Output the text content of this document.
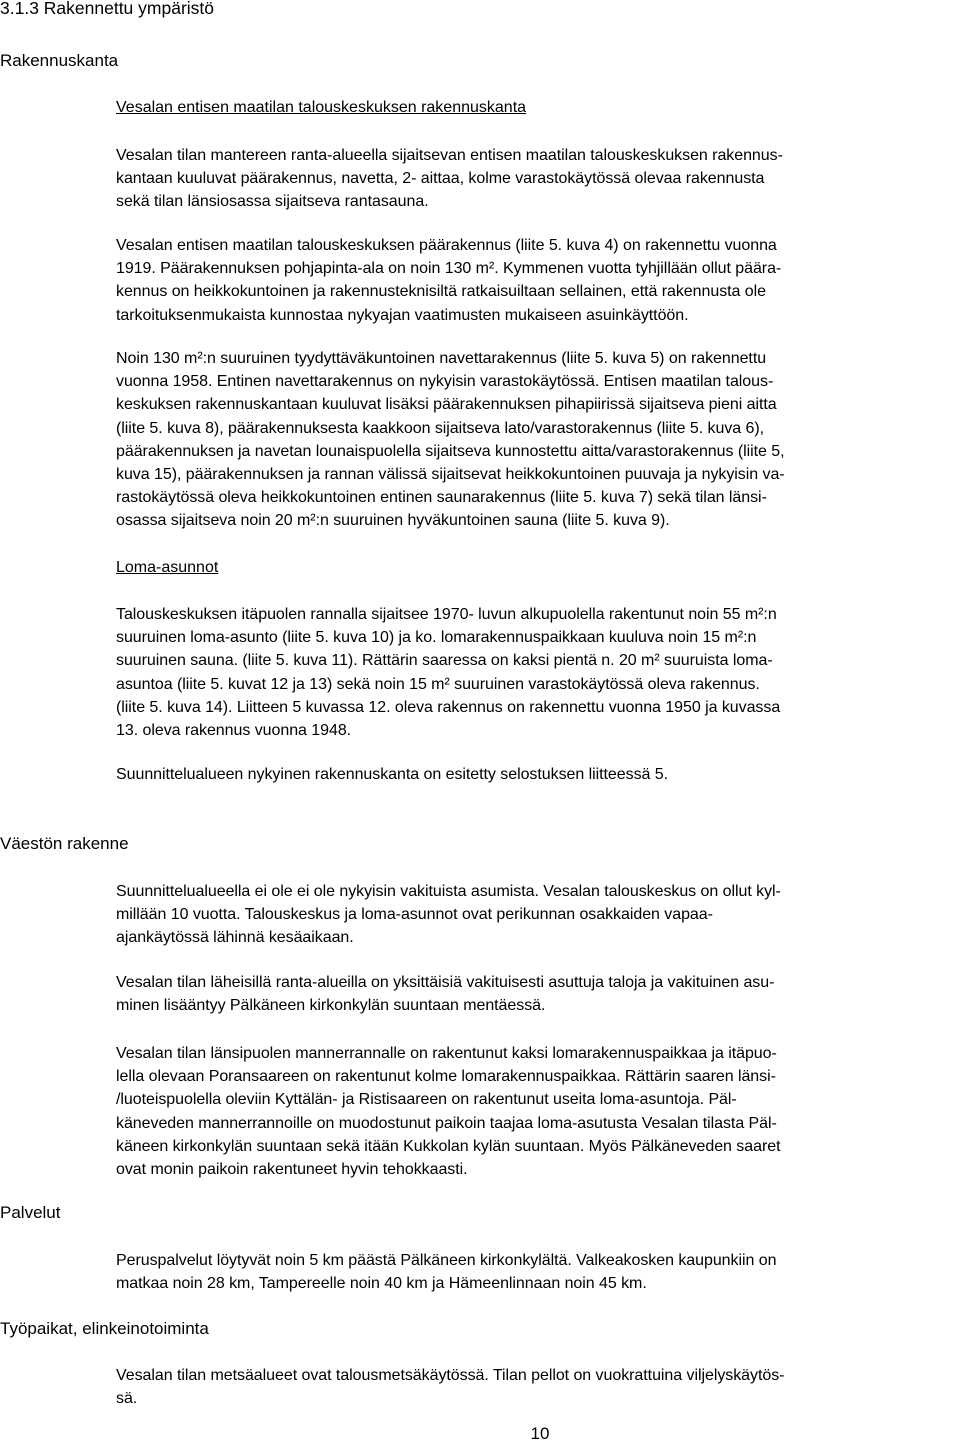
3.1.3 Rakennettu ympäristö
Rakennuskanta
Vesalan entisen maatilan talouskeskuksen rakennuskanta

Vesalan tilan mantereen ranta-alueella sijaitsevan entisen maatilan talouskeskuksen rakennus-
kantaan kuuluvat päärakennus, navetta, 2- aittaa, kolme varastokäytössä olevaa rakennusta
sekä tilan länsiosassa sijaitseva rantasauna.

Vesalan entisen maatilan talouskeskuksen päärakennus (liite 5. kuva 4) on rakennettu vuonna
1919. Päärakennuksen pohjapinta-ala on noin 130 m². Kymmenen vuotta tyhjillään ollut päära-
kennus on heikkokuntoinen ja rakennusteknisiltä ratkaisuiltaan sellainen, että rakennusta ole
tarkoituksenmukaista kunnostaa nykyajan vaatimusten mukaiseen asuinkäyttöön.

Noin 130 m²:n suuruinen tyydyttäväkuntoinen navettarakennus (liite 5. kuva 5) on rakennettu
vuonna 1958. Entinen navettarakennus on nykyisin varastokäytössä. Entisen maatilan talous-
keskuksen rakennuskantaan kuuluvat lisäksi päärakennuksen pihapiirissä sijaitseva pieni aitta
(liite 5. kuva 8), päärakennuksesta kaakkoon sijaitseva lato/varastorakennus (liite 5. kuva 6),
päärakennuksen ja navetan lounaispuolella sijaitseva kunnostettu aitta/varastorakennus (liite 5,
kuva 15), päärakennuksen ja rannan välissä sijaitsevat heikkokuntoinen puuvaja ja nykyisin va-
rastokäytössä oleva heikkokuntoinen entinen saunarakennus (liite 5. kuva 7) sekä tilan länsi-
osassa sijaitseva noin 20 m²:n suuruinen hyväkuntoinen sauna (liite 5. kuva 9).

Loma-asunnot

Talouskeskuksen itäpuolen rannalla sijaitsee 1970- luvun alkupuolella rakentunut noin 55 m²:n
suuruinen loma-asunto (liite 5. kuva 10) ja ko. lomarakennuspaikkaan kuuluva noin 15 m²:n
suuruinen sauna. (liite 5. kuva 11). Rättärin saaressa on kaksi pientä n. 20 m² suuruista loma-
asuntoa (liite 5. kuvat 12 ja 13) sekä noin 15 m² suuruinen varastokäytössä oleva rakennus.
(liite 5. kuva 14). Liitteen 5 kuvassa 12. oleva rakennus on rakennettu vuonna 1950 ja kuvassa
13. oleva rakennus vuonna 1948.

Suunnittelualueen nykyinen rakennuskanta on esitetty selostuksen liitteessä 5.

Väestön rakenne

Suunnittelualueella ei ole ei ole nykyisin vakituista asumista. Vesalan talouskeskus on ollut kyl-
millään 10 vuotta. Talouskeskus ja loma-asunnot ovat perikunnan osakkaiden vapaa-
ajankäytössä lähinnä kesäaikaan.

Vesalan tilan läheisillä ranta-alueilla on yksittäisiä vakituisesti asuttuja taloja ja vakituinen asu-
minen lisääntyy Pälkäneen kirkonkylän suuntaan mentäessä.

Vesalan tilan länsipuolen mannerrannalle on rakentunut kaksi lomarakennuspaikkaa ja itäpuo-
lella olevaan Poransaareen on rakentunut kolme lomarakennuspaikkaa. Rättärin saaren länsi-
/luoteispuolella oleviin Kyttälän- ja Ristisaareen on rakentunut useita loma-asuntoja. Päl-
käneveden mannerrannoille on muodostunut paikoin taajaa loma-asutusta Vesalan tilasta Päl-
käneen kirkonkylän suuntaan sekä itään Kukkolan kylän suuntaan. Myös Pälkäneveden saaret
ovat monin paikoin rakentuneet hyvin tehokkaasti.

Palvelut

Peruspalvelut löytyvät noin 5 km päästä Pälkäneen kirkonkylältä. Valkeakosken kaupunkiin on
matkaa noin 28 km, Tampereelle noin 40 km ja Hämeenlinnaan noin 45 km.

Työpaikat, elinkeinotoiminta

Vesalan tilan metsäalueet ovat talousmetsäkäytössä. Tilan pellot on vuokrattuina viljelyskäytös-
sä.

10
